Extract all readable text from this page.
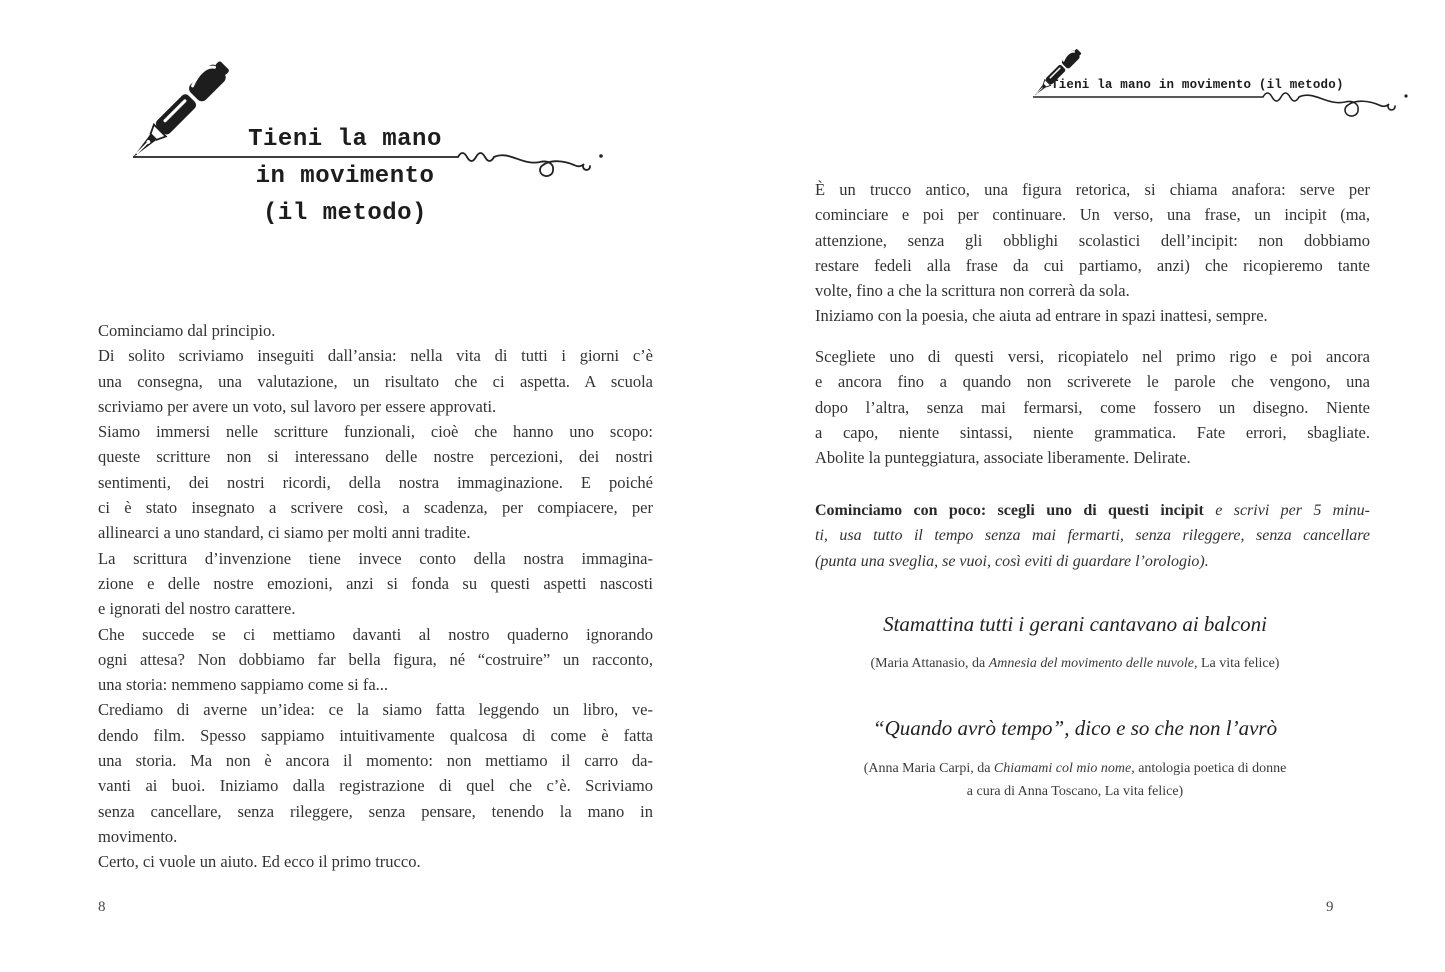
Tieni la mano
in movimento
(il metodo)
Cominciamo dal principio.
Di solito scriviamo inseguiti dall’ansia: nella vita di tutti i giorni c’è
una consegna, una valutazione, un risultato che ci aspetta. A scuola
scriviamo per avere un voto, sul lavoro per essere approvati.
Siamo immersi nelle scritture funzionali, cioè che hanno uno scopo:
queste scritture non si interessano delle nostre percezioni, dei nostri
sentimenti, dei nostri ricordi, della nostra immaginazione. E poiché
ci è stato insegnato a scrivere così, a scadenza, per compiacere, per
allinearci a uno standard, ci siamo per molti anni tradite.
La scrittura d’invenzione tiene invece conto della nostra immagina-
zione e delle nostre emozioni, anzi si fonda su questi aspetti nascosti
e ignorati del nostro carattere.
Che succede se ci mettiamo davanti al nostro quaderno ignorando
ogni attesa? Non dobbiamo far bella figura, né “costruire” un racconto,
una storia: nemmeno sappiamo come si fa...
Crediamo di averne un’idea: ce la siamo fatta leggendo un libro, ve-
dendo film. Spesso sappiamo intuitivamente qualcosa di come è fatta
una storia. Ma non è ancora il momento: non mettiamo il carro da-
vanti ai buoi. Iniziamo dalla registrazione di quel che c’è. Scriviamo
senza cancellare, senza rileggere, senza pensare, tenendo la mano in
movimento.
Certo, ci vuole un aiuto. Ed ecco il primo trucco.
8
Tieni la mano in movimento (il metodo)
È un trucco antico, una figura retorica, si chiama anafora: serve per
cominciare e poi per continuare. Un verso, una frase, un incipit (ma,
attenzione, senza gli obblighi scolastici dell’incipit: non dobbiamo
restare fedeli alla frase da cui partiamo, anzi) che ricopieremo tante
volte, fino a che la scrittura non correrà da sola.
Iniziamo con la poesia, che aiuta ad entrare in spazi inattesi, sempre.
Scegliete uno di questi versi, ricopiatelo nel primo rigo e poi ancora
e ancora fino a quando non scriverete le parole che vengono, una
dopo l’altra, senza mai fermarsi, come fossero un disegno. Niente
a capo, niente sintassi, niente grammatica. Fate errori, sbagliate.
Abolite la punteggiatura, associate liberamente. Delirate.
Cominciamo con poco: scegli uno di questi incipit e scrivi per 5 minu-
ti, usa tutto il tempo senza mai fermarti, senza rileggere, senza cancellare
(punta una sveglia, se vuoi, così eviti di guardare l’orologio).
Stamattina tutti i gerani cantavano ai balconi
(Maria Attanasio, da Amnesia del movimento delle nuvole, La vita felice)
“Quando avrò tempo”, dico e so che non l’avrò
(Anna Maria Carpi, da Chiamami col mio nome, antologia poetica di donne
a cura di Anna Toscano, La vita felice)
9
